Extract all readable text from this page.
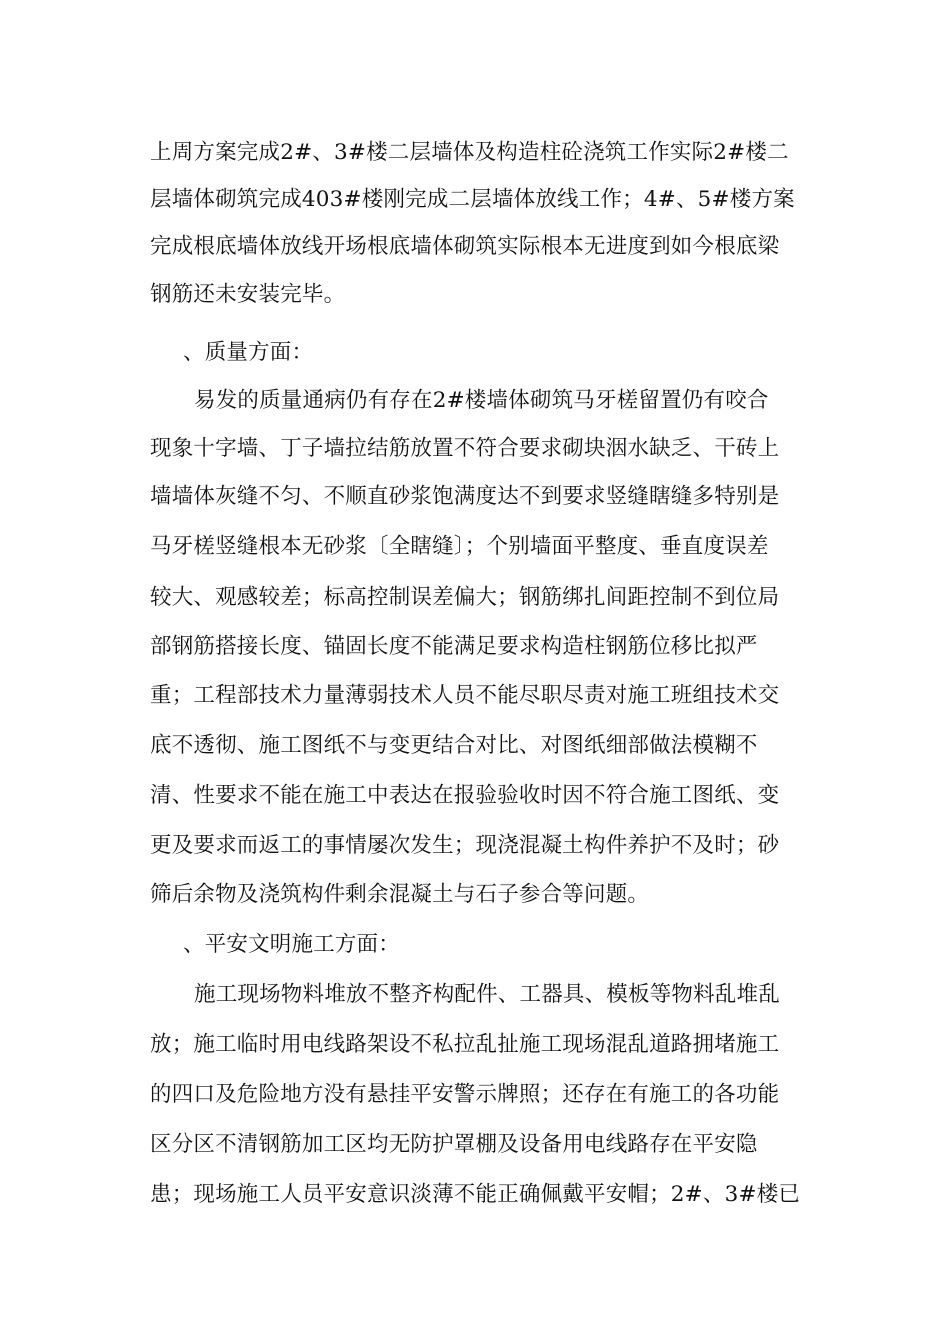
上周方案完成2#、3#楼二层墙体及构造柱砼浇筑工作实际2#楼二
层墙体砌筑完成403#楼刚完成二层墙体放线工作；4#、5#楼方案
完成根底墙体放线开场根底墙体砌筑实际根本无进度到如今根底梁
钢筋还未安装完毕。
、质量方面：
易发的质量通病仍有存在2#楼墙体砌筑马牙槎留置仍有咬合
现象十字墙、丁子墙拉结筋放置不符合要求砌块洇水缺乏、干砖上
墙墙体灰缝不匀、不顺直砂浆饱满度达不到要求竖缝瞎缝多特别是
马牙槎竖缝根本无砂浆〔全瞎缝〕；个别墙面平整度、垂直度误差
较大、观感较差；标高控制误差偏大；钢筋绑扎间距控制不到位局
部钢筋搭接长度、锚固长度不能满足要求构造柱钢筋位移比拟严
重；工程部技术力量薄弱技术人员不能尽职尽责对施工班组技术交
底不透彻、施工图纸不与变更结合对比、对图纸细部做法模糊不
清、性要求不能在施工中表达在报验验收时因不符合施工图纸、变
更及要求而返工的事情屡次发生；现浇混凝土构件养护不及时；砂
筛后余物及浇筑构件剩余混凝土与石子参合等问题。
、平安文明施工方面：
施工现场物料堆放不整齐构配件、工器具、模板等物料乱堆乱
放；施工临时用电线路架设不私拉乱扯施工现场混乱道路拥堵施工
的四口及危险地方没有悬挂平安警示牌照；还存在有施工的各功能
区分区不清钢筋加工区均无防护罩棚及设备用电线路存在平安隐
患；现场施工人员平安意识淡薄不能正确佩戴平安帽；2#、3#楼已
